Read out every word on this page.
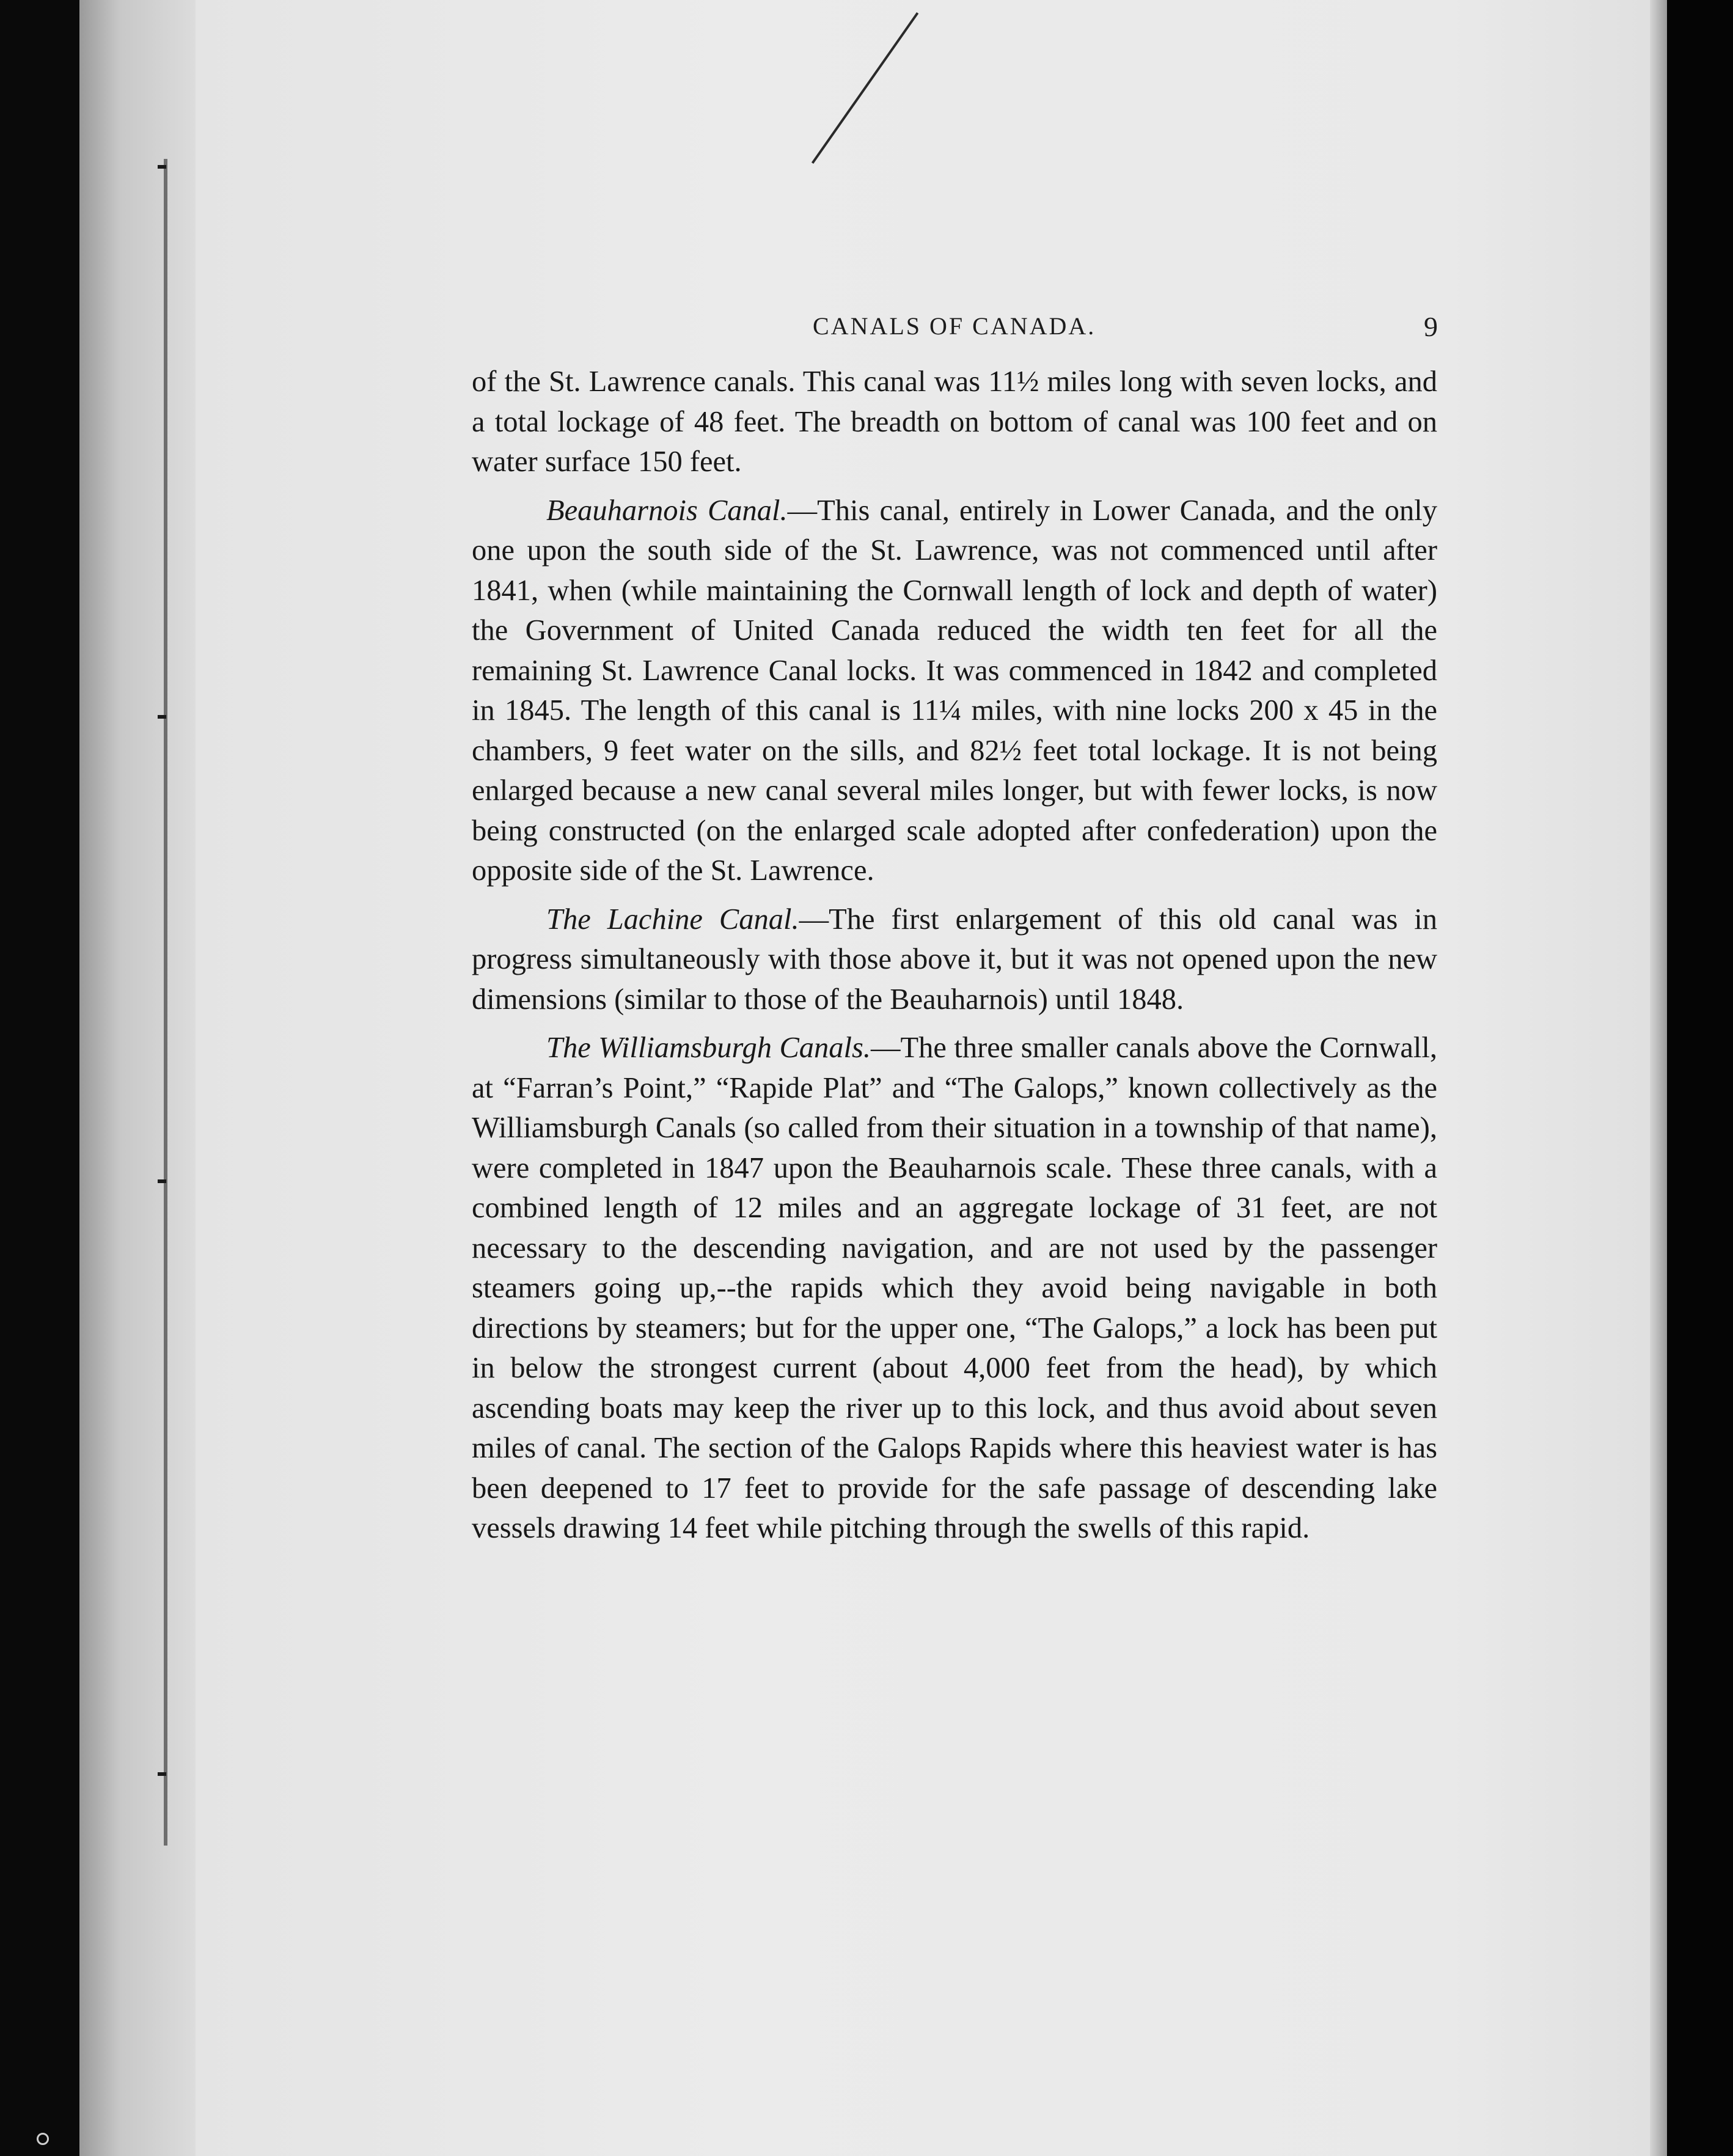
CANALS OF CANADA.	9

of the St. Lawrence canals. This canal was 11½ miles long with seven locks, and a total lockage of 48 feet. The breadth on bottom of canal was 100 feet and on water surface 150 feet.

Beauharnois Canal.—This canal, entirely in Lower Canada, and the only one upon the south side of the St. Lawrence, was not commenced until after 1841, when (while maintaining the Cornwall length of lock and depth of water) the Government of United Canada reduced the width ten feet for all the remaining St. Lawrence Canal locks. It was commenced in 1842 and completed in 1845. The length of this canal is 11¼ miles, with nine locks 200 x 45 in the chambers, 9 feet water on the sills, and 82½ feet total lockage. It is not being enlarged because a new canal several miles longer, but with fewer locks, is now being constructed (on the enlarged scale adopted after confederation) upon the opposite side of the St. Lawrence.

The Lachine Canal.—The first enlargement of this old canal was in progress simultaneously with those above it, but it was not opened upon the new dimensions (similar to those of the Beauharnois) until 1848.

The Williamsburgh Canals.—The three smaller canals above the Cornwall, at “Farran’s Point,” “Rapide Plat” and “The Galops,” known collectively as the Williamsburgh Canals (so called from their situation in a township of that name), were completed in 1847 upon the Beauharnois scale. These three canals, with a combined length of 12 miles and an aggregate lockage of 31 feet, are not necessary to the descending navigation, and are not used by the passenger steamers going up,--the rapids which they avoid being navigable in both directions by steamers; but for the upper one, “The Galops,” a lock has been put in below the strongest current (about 4,000 feet from the head), by which ascending boats may keep the river up to this lock, and thus avoid about seven miles of canal. The section of the Galops Rapids where this heaviest water is has been deepened to 17 feet to provide for the safe passage of descending lake vessels drawing 14 feet while pitching through the swells of this rapid.
